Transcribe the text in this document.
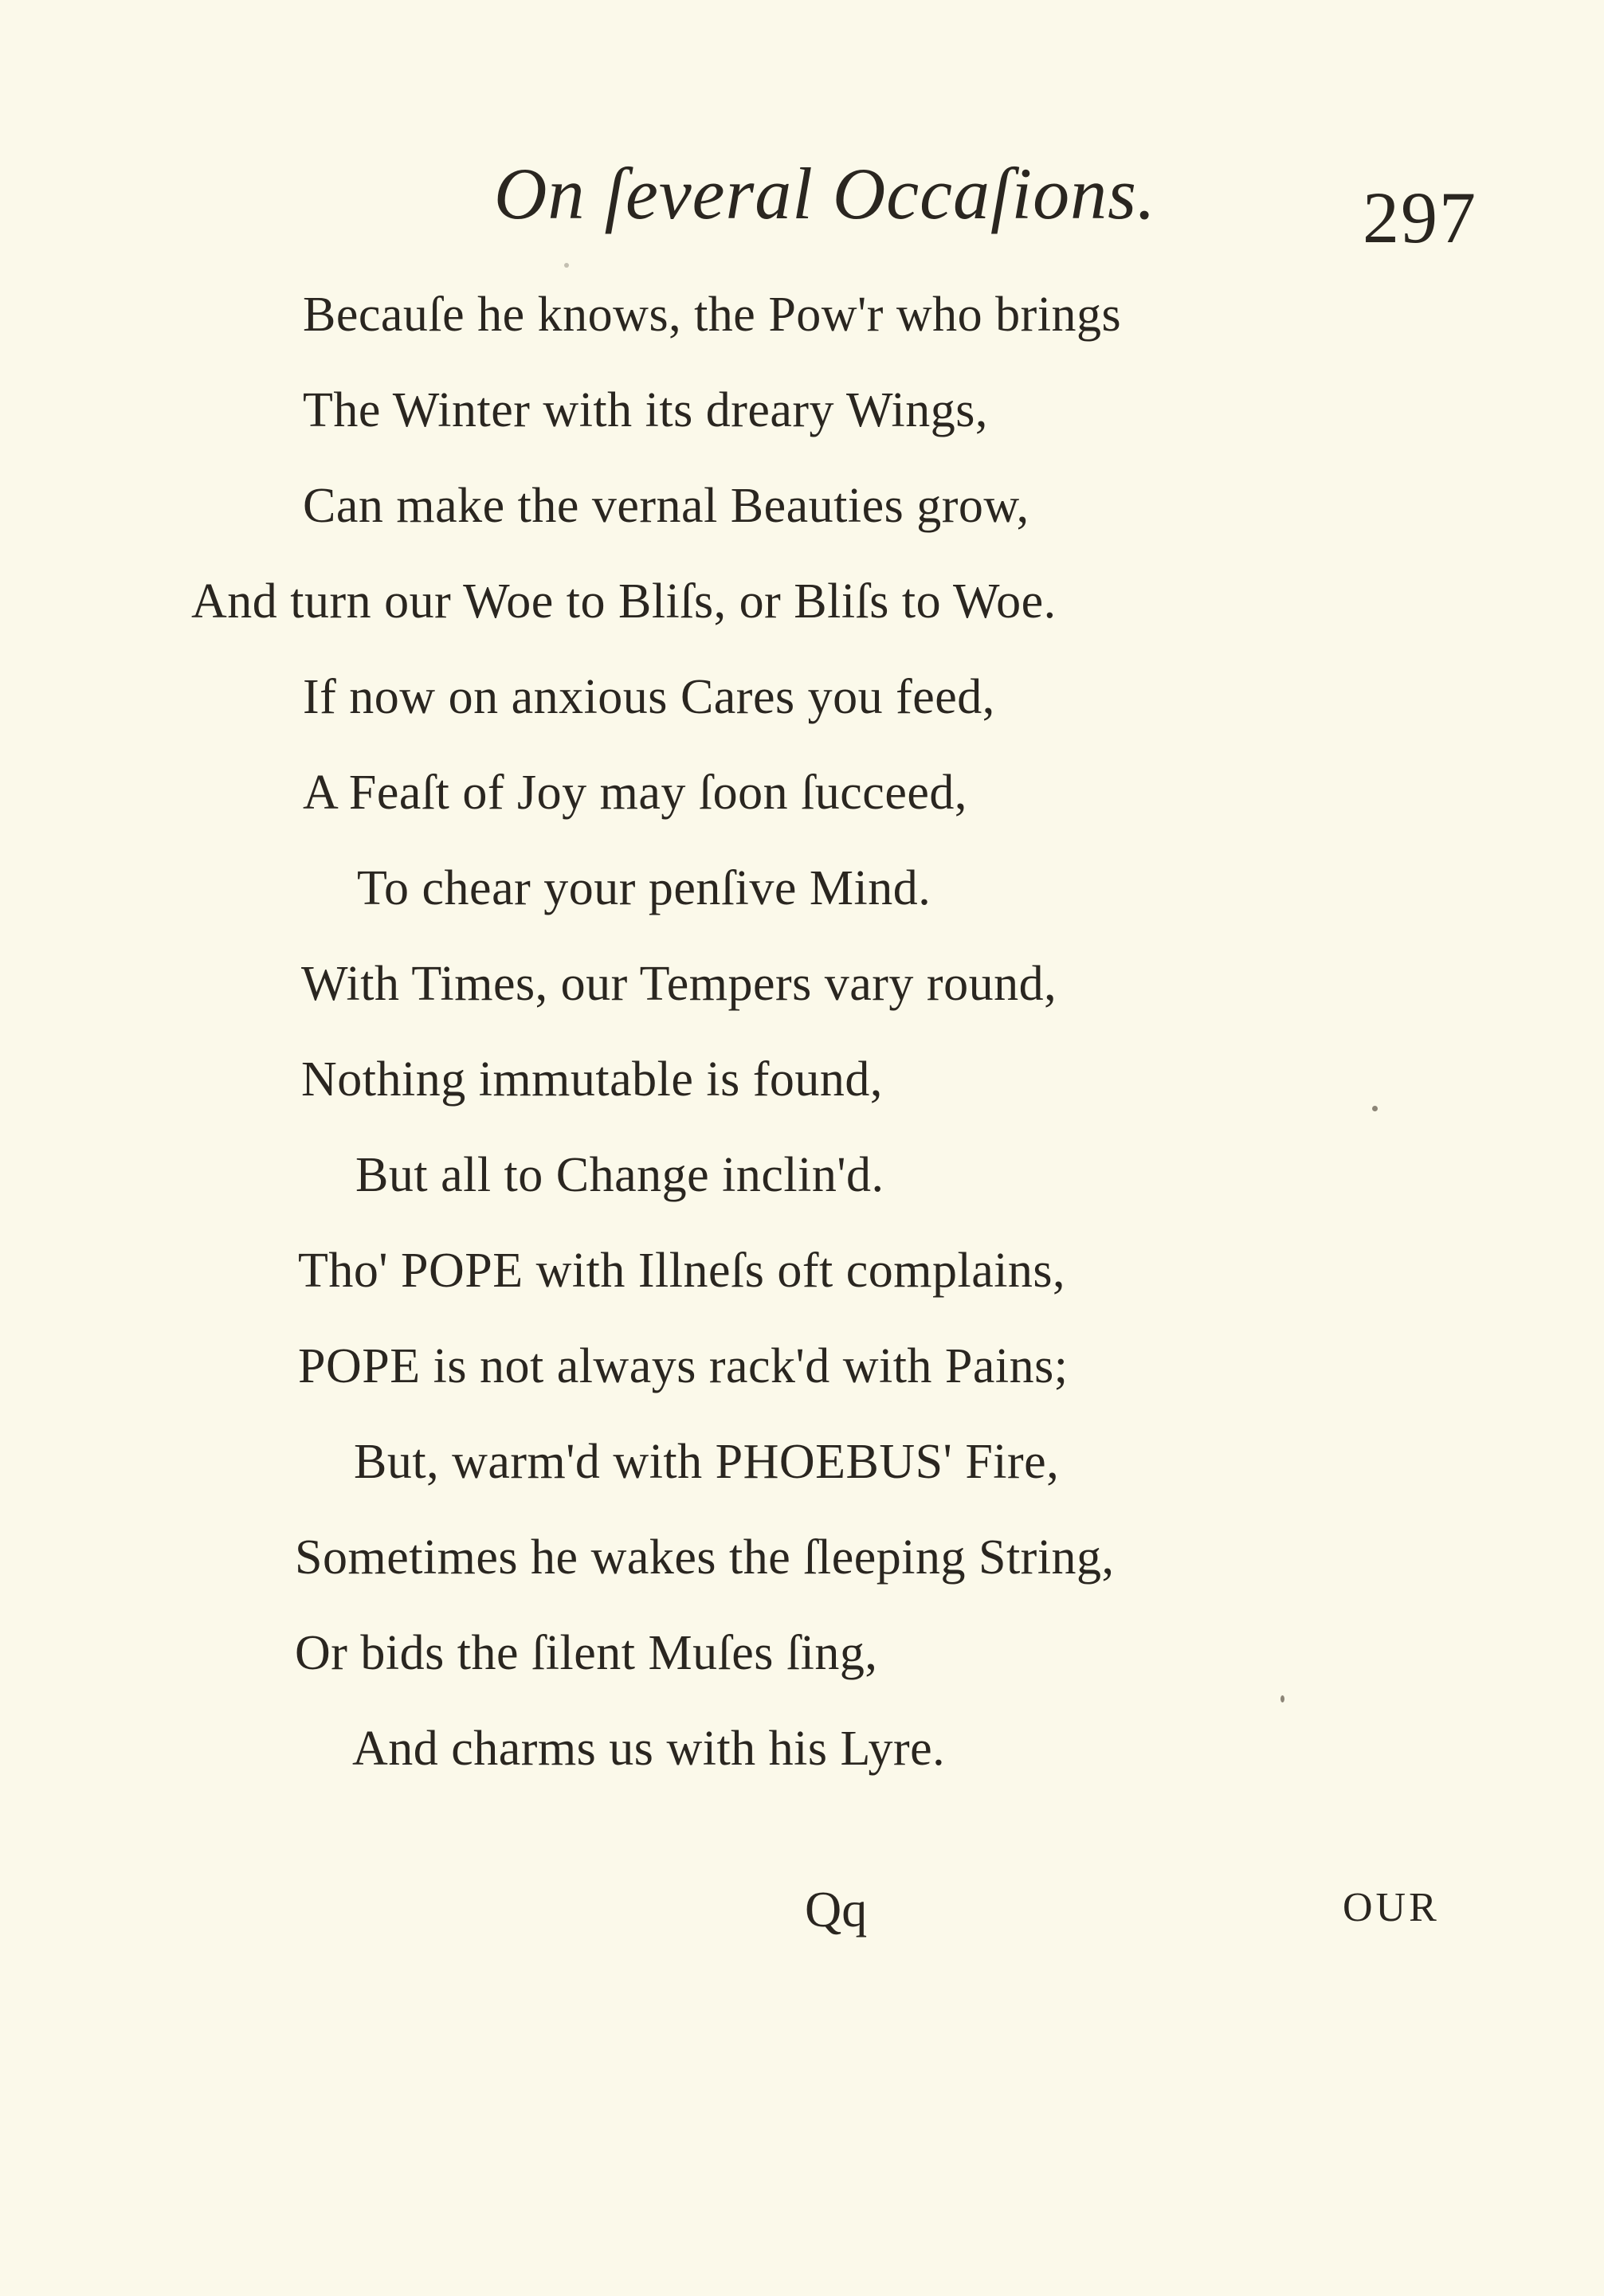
On ſeveral Occaſions.	297
Becauſe he knows, the Pow'r who brings
The Winter with its dreary Wings,
Can make the vernal Beauties grow,
And turn our Woe to Bliſs, or Bliſs to Woe.
If now on anxious Cares you feed,
A Feaſt of Joy may ſoon ſucceed,
To chear your penſive Mind.
With Times, our Tempers vary round,
Nothing immutable is found,
But all to Change inclin'd.
Tho' POPE with Illneſs oft complains,
POPE is not always rack'd with Pains;
But, warm'd with PHOEBUS' Fire,
Sometimes he wakes the ſleeping String,
Or bids the ſilent Muſes ſing,
And charms us with his Lyre.
Qq	OUR
